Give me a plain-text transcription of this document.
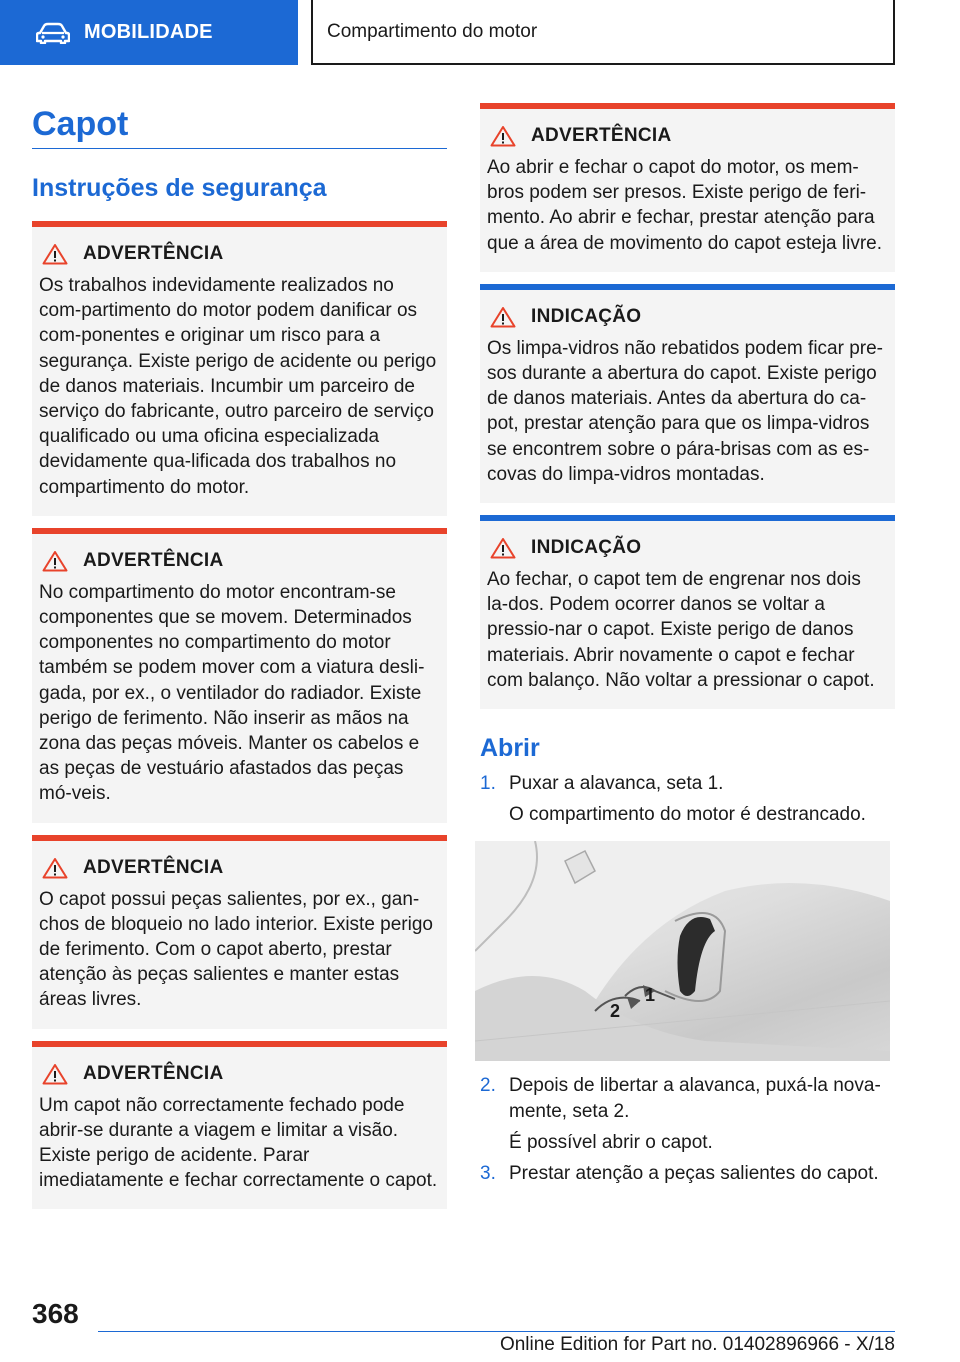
MOBILIDADE	Compartimento do motor
Capot
Instruções de segurança
ADVERTÊNCIA

Os trabalhos indevidamente realizados no com-partimento do motor podem danificar os com-ponentes e originar um risco para a segurança. Existe perigo de acidente ou perigo de danos materiais. Incumbir um parceiro de serviço do fabricante, outro parceiro de serviço qualificado ou uma oficina especializada devidamente qua-lificada dos trabalhos no compartimento do motor.

ADVERTÊNCIA

No compartimento do motor encontram-se componentes que se movem. Determinados componentes no compartimento do motor também se podem mover com a viatura desli-gada, por ex., o ventilador do radiador. Existe perigo de ferimento. Não inserir as mãos na zona das peças móveis. Manter os cabelos e as peças de vestuário afastados das peças mó-veis.

ADVERTÊNCIA

O capot possui peças salientes, por ex., gan-chos de bloqueio no lado interior. Existe perigo de ferimento. Com o capot aberto, prestar atenção às peças salientes e manter estas áreas livres.

ADVERTÊNCIA

Um capot não correctamente fechado pode abrir-se durante a viagem e limitar a visão. Existe perigo de acidente. Parar imediatamente e fechar correctamente o capot.

ADVERTÊNCIA

Ao abrir e fechar o capot do motor, os mem-bros podem ser presos. Existe perigo de feri-mento. Ao abrir e fechar, prestar atenção para que a área de movimento do capot esteja livre.

INDICAÇÃO

Os limpa-vidros não rebatidos podem ficar pre-sos durante a abertura do capot. Existe perigo de danos materiais. Antes da abertura do ca-pot, prestar atenção para que os limpa-vidros se encontrem sobre o pára-brisas com as es-covas do limpa-vidros montadas.

INDICAÇÃO

Ao fechar, o capot tem de engrenar nos dois la-dos. Podem ocorrer danos se voltar a pressio-nar o capot. Existe perigo de danos materiais. Abrir novamente o capot e fechar com balanço. Não voltar a pressionar o capot.

Abrir
1. Puxar a alavanca, seta 1.
O compartimento do motor é destrancado.
1
2
2. Depois de libertar a alavanca, puxá-la nova-mente, seta 2.
É possível abrir o capot.
3. Prestar atenção a peças salientes do capot.
368
Online Edition for Part no. 01402896966 - X/18
